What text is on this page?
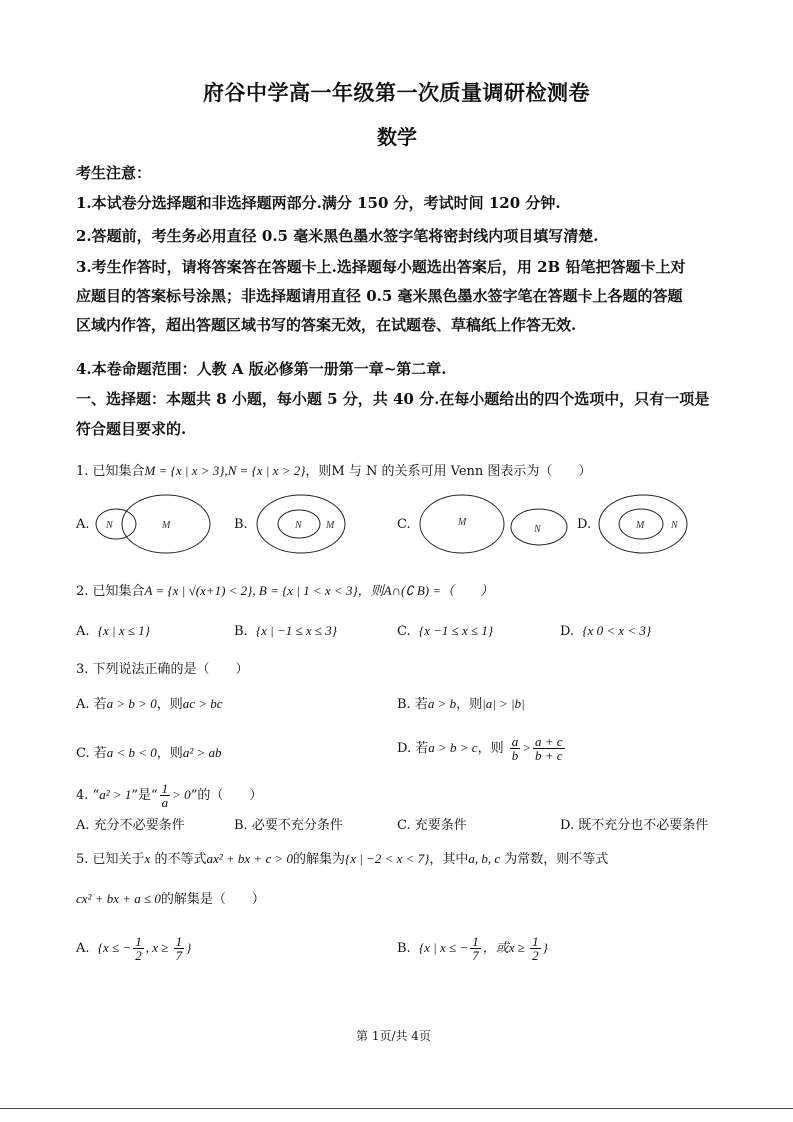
府谷中学高一年级第一次质量调研检测卷
数学
考生注意：
1.本试卷分选择题和非选择题两部分.满分 150 分，考试时间 120 分钟.
2.答题前，考生务必用直径 0.5 毫米黑色墨水签字笔将密封线内项目填写清楚.
3.考生作答时，请将答案答在答题卡上.选择题每小题选出答案后，用 2B 铅笔把答题卡上对
应题目的答案标号涂黑；非选择题请用直径 0.5 毫米黑色墨水签字笔在答题卡上各题的答题
区域内作答，超出答题区域书写的答案无效，在试题卷、草稿纸上作答无效.
4.本卷命题范围：人教 A 版必修第一册第一章~第二章.
一、选择题：本题共 8 小题，每小题 5 分，共 40 分.在每小题给出的四个选项中，只有一项是
符合题目要求的.
1. 已知集合M = {x | x > 3},N = {x | x > 2}，则M 与 N 的关系可用 Venn 图表示为（　　）
A. N	M	B.	N M	C.	M
N	D.	M	N
2. 已知集合A = {x | √(x+1) < 2}, B = {x | 1 < x < 3}，则A∩(∁ B) =（　　）
A. {x | x ≤ 1}	B. {x | −1 ≤ x ≤ 3}	C. {x −1 ≤ x ≤ 1}	D. {x 0 < x < 3}
3. 下列说法正确的是（　　）
A. 若a > b > 0，则ac > bc	B. 若a > b，则|a| > |b|
C. 若a < b < 0，则a² > ab	D. 若a > b > c，则 $\frac{a}{b} > \frac{a + c}{b + c}$
4. “a² > 1”是“ $\frac{1}{a} > 0$”的（　　）
A. 充分不必要条件	B. 必要不充分条件	C. 充要条件	D. 既不充分也不必要条件
5. 已知关于x 的不等式ax² + bx + c > 0的解集为{x | −2 < x < 7}，其中a, b, c 为常数，则不等式
cx² + bx + a ≤ 0的解集是（　　）
A. {x ≤ − $\frac{1}{2}$ , $x \ge \frac{1}{7}$ }	B. {x | x ≤ − $\frac{1}{7}$ ，或$x \ge \frac{1}{2}$ }
第 1页/共 4页
